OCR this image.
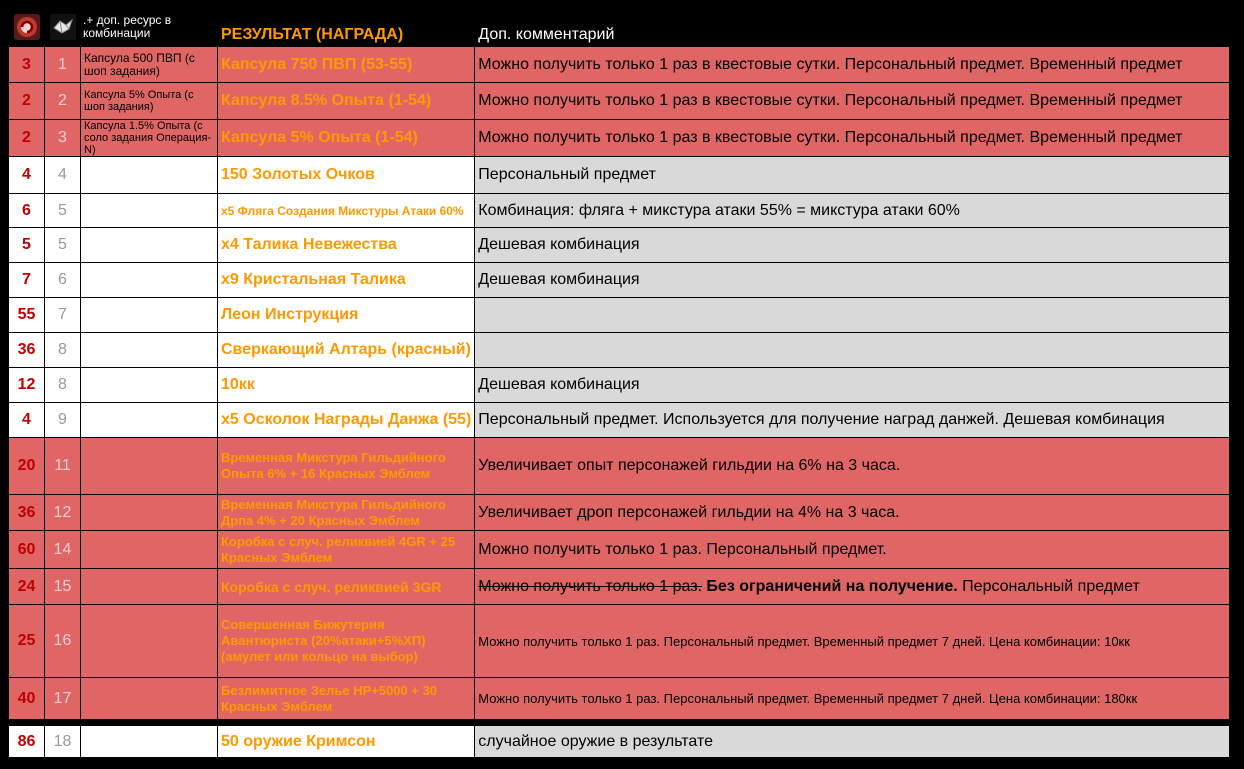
		.+ доп. ресурс в комбинации	РЕЗУЛЬТАТ (НАГРАДА)	Доп. комментарий
3	1	Капсула 500 ПВП (с шоп задания)	Капсула 750 ПВП (53-55)	Можно получить только 1 раз в квестовые сутки. Персональный предмет. Временный предмет
2	2	Капсула 5% Опыта (с шоп задания)	Капсула 8.5% Опыта (1-54)	Можно получить только 1 раз в квестовые сутки. Персональный предмет. Временный предмет
2	3	Капсула 1.5% Опыта (с соло задания Операция-N)	Капсула 5% Опыта (1-54)	Можно получить только 1 раз в квестовые сутки. Персональный предмет. Временный предмет
4	4		150 Золотых Очков	Персональный предмет
6	5		x5 Фляга Создания Микстуры Атаки 60%	Комбинация: фляга + микстура атаки 55% = микстура атаки 60%
5	5		x4 Талика Невежества	Дешевая комбинация
7	6		x9 Кристальная Талика	Дешевая комбинация
55	7		Леон Инструкция	
36	8		Сверкающий Алтарь (красный)	
12	8		10кк	Дешевая комбинация
4	9		x5 Осколок Награды Данжа (55)	Персональный предмет. Используется для получение наград данжей. Дешевая комбинация
20	11		Временная Микстура Гильдийного Опыта 6% + 16 Красных Эмблем	Увеличивает опыт персонажей гильдии на 6% на 3 часа.
36	12		Временная Микстура Гильдийного Дрпа 4% + 20 Красных Эмблем	Увеличивает дроп персонажей гильдии на 4% на 3 часа.
60	14		Коробка с случ. реликвией 4GR + 25 Красных Эмблем	Можно получить только 1 раз. Персональный предмет.
24	15		Коробка с случ. реликвией 3GR	Можно получить только 1 раз. Без ограничений на получение. Персональный предмет
25	16		Совершенная Бижутерия Авантюриста (20%атаки+5%ХП)(амулет или кольцо на выбор)	Можно получить только 1 раз. Персональный предмет. Временный предмет 7 дней. Цена комбинации: 10кк
40	17		Безлимитное Зелье HP+5000 + 30 Красных Эмблем	Можно получить только 1 раз. Персональный предмет. Временный предмет 7 дней. Цена комбинации: 180кк

86	18		50 оружие Кримсон	случайное оружие в результате
